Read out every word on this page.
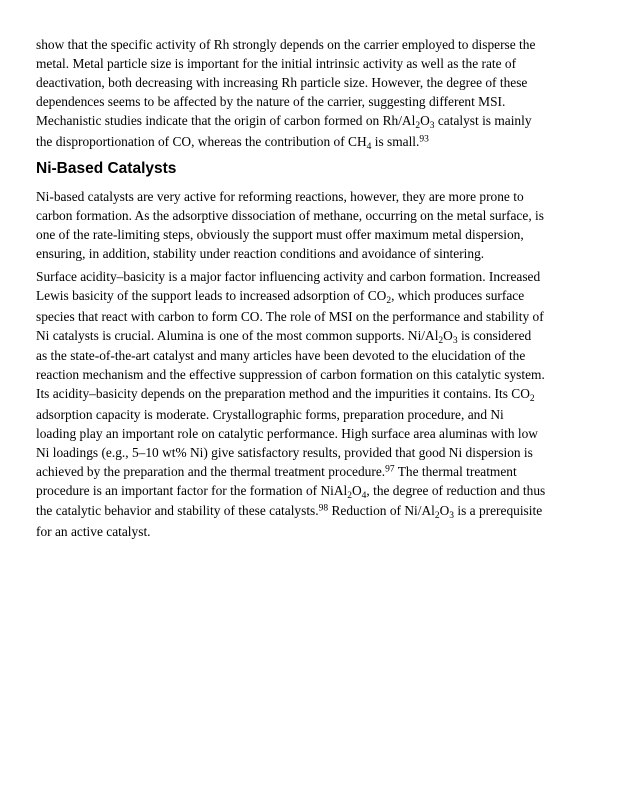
show that the specific activity of Rh strongly depends on the carrier employed to disperse the
metal. Metal particle size is important for the initial intrinsic activity as well as the rate of
deactivation, both decreasing with increasing Rh particle size. However, the degree of these
dependences seems to be affected by the nature of the carrier, suggesting different MSI.
Mechanistic studies indicate that the origin of carbon formed on $Rh/Al_2O_3$ catalyst is mainly
the disproportionation of CO, whereas the contribution of $CH_4$ is small.$^{93}$

Ni-Based Catalysts

Ni-based catalysts are very active for reforming reactions, however, they are more prone to
carbon formation. As the adsorptive dissociation of methane, occurring on the metal surface, is
one of the rate-limiting steps, obviously the support must offer maximum metal dispersion,
ensuring, in addition, stability under reaction conditions and avoidance of sintering.

Surface acidity–basicity is a major factor influencing activity and carbon formation. Increased
Lewis basicity of the support leads to increased adsorption of $CO_2$, which produces surface
species that react with carbon to form CO. The role of MSI on the performance and stability of
Ni catalysts is crucial. Alumina is one of the most common supports. $Ni/Al_2O_3$ is considered
as the state-of-the-art catalyst and many articles have been devoted to the elucidation of the
reaction mechanism and the effective suppression of carbon formation on this catalytic system.
Its acidity–basicity depends on the preparation method and the impurities it contains. Its $CO_2$
adsorption capacity is moderate. Crystallographic forms, preparation procedure, and Ni
loading play an important role on catalytic performance. High surface area aluminas with low
Ni loadings (e.g., 5–10 wt% Ni) give satisfactory results, provided that good Ni dispersion is
achieved by the preparation and the thermal treatment procedure.$^{97}$ The thermal treatment
procedure is an important factor for the formation of $NiAl_2O_4$, the degree of reduction and thus
the catalytic behavior and stability of these catalysts.$^{98}$ Reduction of $Ni/Al_2O_3$ is a prerequisite
for an active catalyst.
